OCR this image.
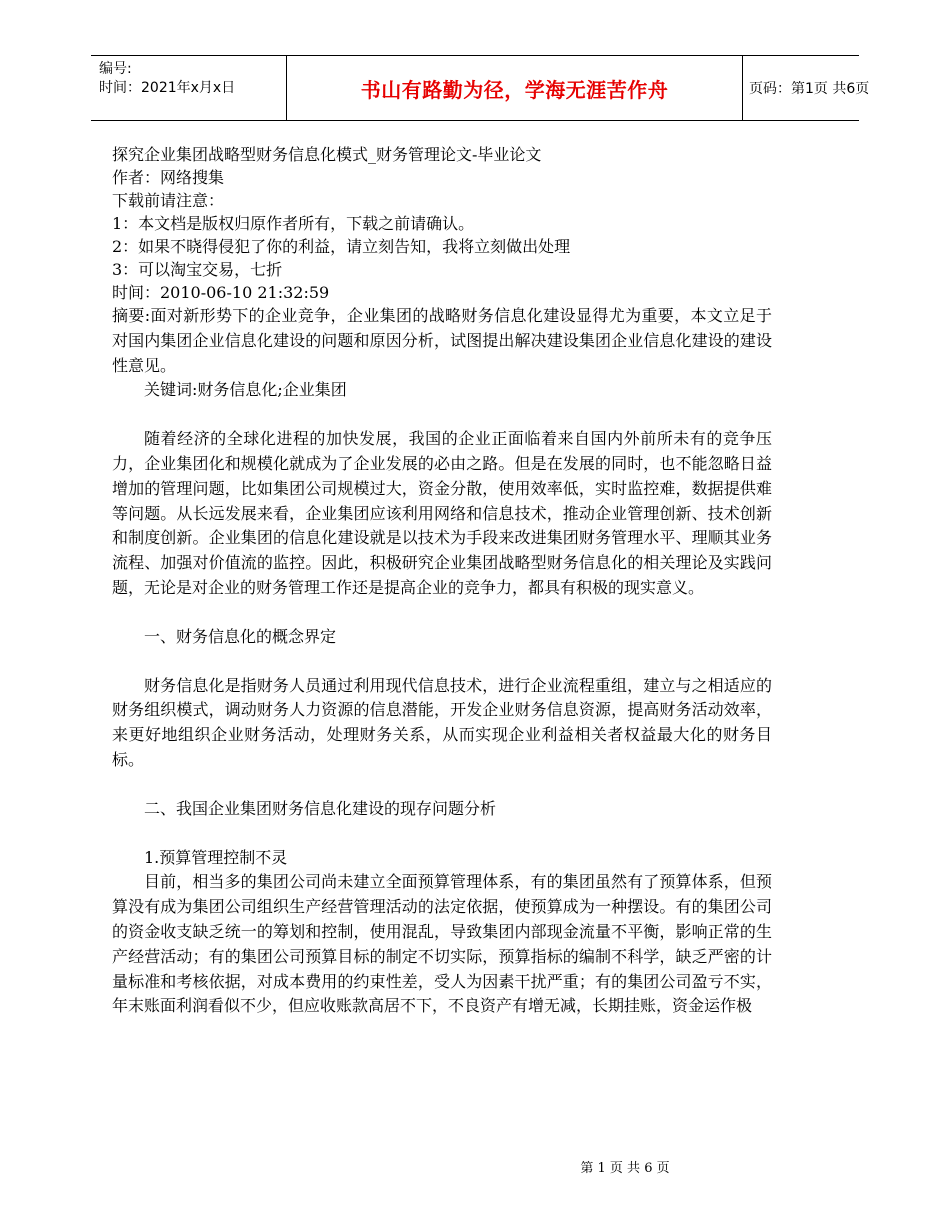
编号:
时间：2021年x月x日	书山有路勤为径，学海无涯苦作舟	页码：第1页 共6页
探究企业集团战略型财务信息化模式_财务管理论文-毕业论文
作者：网络搜集
下载前请注意：
1：本文档是版权归原作者所有，下载之前请确认。
2：如果不晓得侵犯了你的利益，请立刻告知，我将立刻做出处理
3：可以淘宝交易，七折
时间：2010-06-10 21:32:59

摘要:面对新形势下的企业竞争，企业集团的战略财务信息化建设显得尤为重要，本文立足于对国内集团企业信息化建设的问题和原因分析，试图提出解决建设集团企业信息化建设的建设性意见。

关键词:财务信息化;企业集团

随着经济的全球化进程的加快发展，我国的企业正面临着来自国内外前所未有的竞争压力，企业集团化和规模化就成为了企业发展的必由之路。但是在发展的同时，也不能忽略日益增加的管理问题，比如集团公司规模过大，资金分散，使用效率低，实时监控难，数据提供难等问题。从长远发展来看，企业集团应该利用网络和信息技术，推动企业管理创新、技术创新和制度创新。企业集团的信息化建设就是以技术为手段来改进集团财务管理水平、理顺其业务流程、加强对价值流的监控。因此，积极研究企业集团战略型财务信息化的相关理论及实践问题，无论是对企业的财务管理工作还是提高企业的竞争力，都具有积极的现实意义。

一、财务信息化的概念界定

财务信息化是指财务人员通过利用现代信息技术，进行企业流程重组，建立与之相适应的财务组织模式，调动财务人力资源的信息潜能，开发企业财务信息资源，提高财务活动效率，来更好地组织企业财务活动，处理财务关系，从而实现企业利益相关者权益最大化的财务目标。

二、我国企业集团财务信息化建设的现存问题分析

1.预算管理控制不灵

目前，相当多的集团公司尚未建立全面预算管理体系，有的集团虽然有了预算体系，但预算没有成为集团公司组织生产经营管理活动的法定依据，使预算成为一种摆设。有的集团公司的资金收支缺乏统一的筹划和控制，使用混乱，导致集团内部现金流量不平衡，影响正常的生产经营活动；有的集团公司预算目标的制定不切实际，预算指标的编制不科学，缺乏严密的计量标准和考核依据，对成本费用的约束性差，受人为因素干扰严重；有的集团公司盈亏不实，年末账面利润看似不少，但应收账款高居不下，不良资产有增无减，长期挂账，资金运作极

第 1 页 共 6 页
